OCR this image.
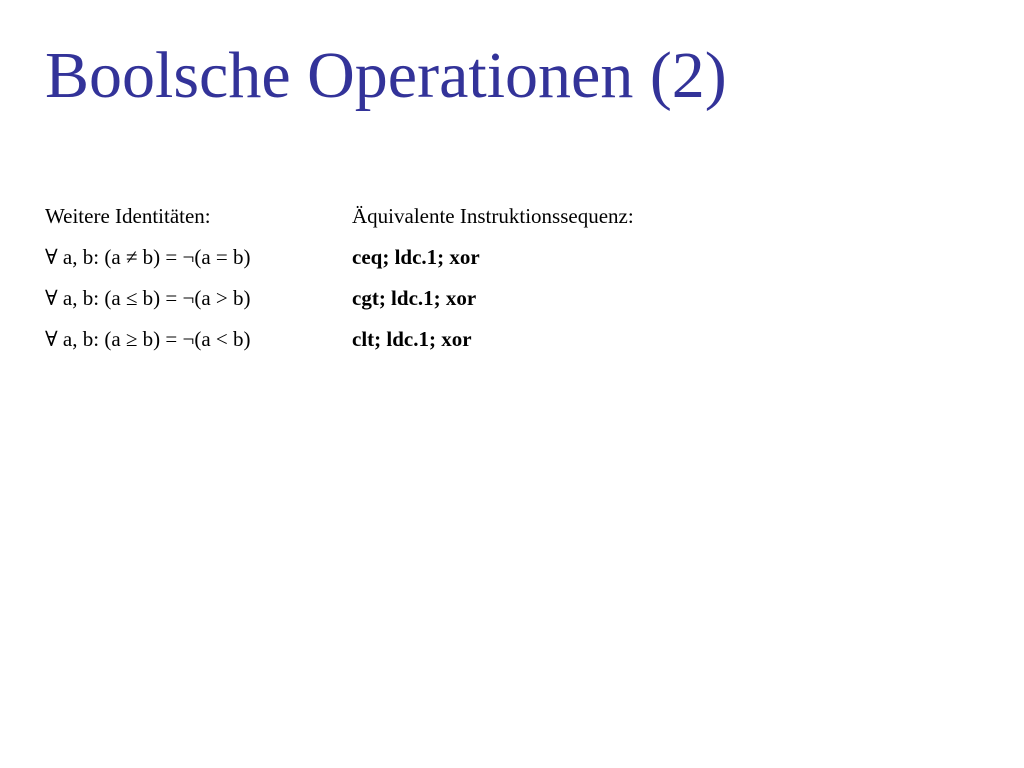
Boolsche Operationen (2)
Weitere Identitäten:	Äquivalente Instruktionssequenz:
∀ a, b: (a ≠ b) = ¬(a = b)	ceq; ldc.1; xor
∀ a, b: (a ≤ b) = ¬(a > b)	cgt; ldc.1; xor
∀ a, b: (a ≥ b) = ¬(a < b)	clt; ldc.1; xor
